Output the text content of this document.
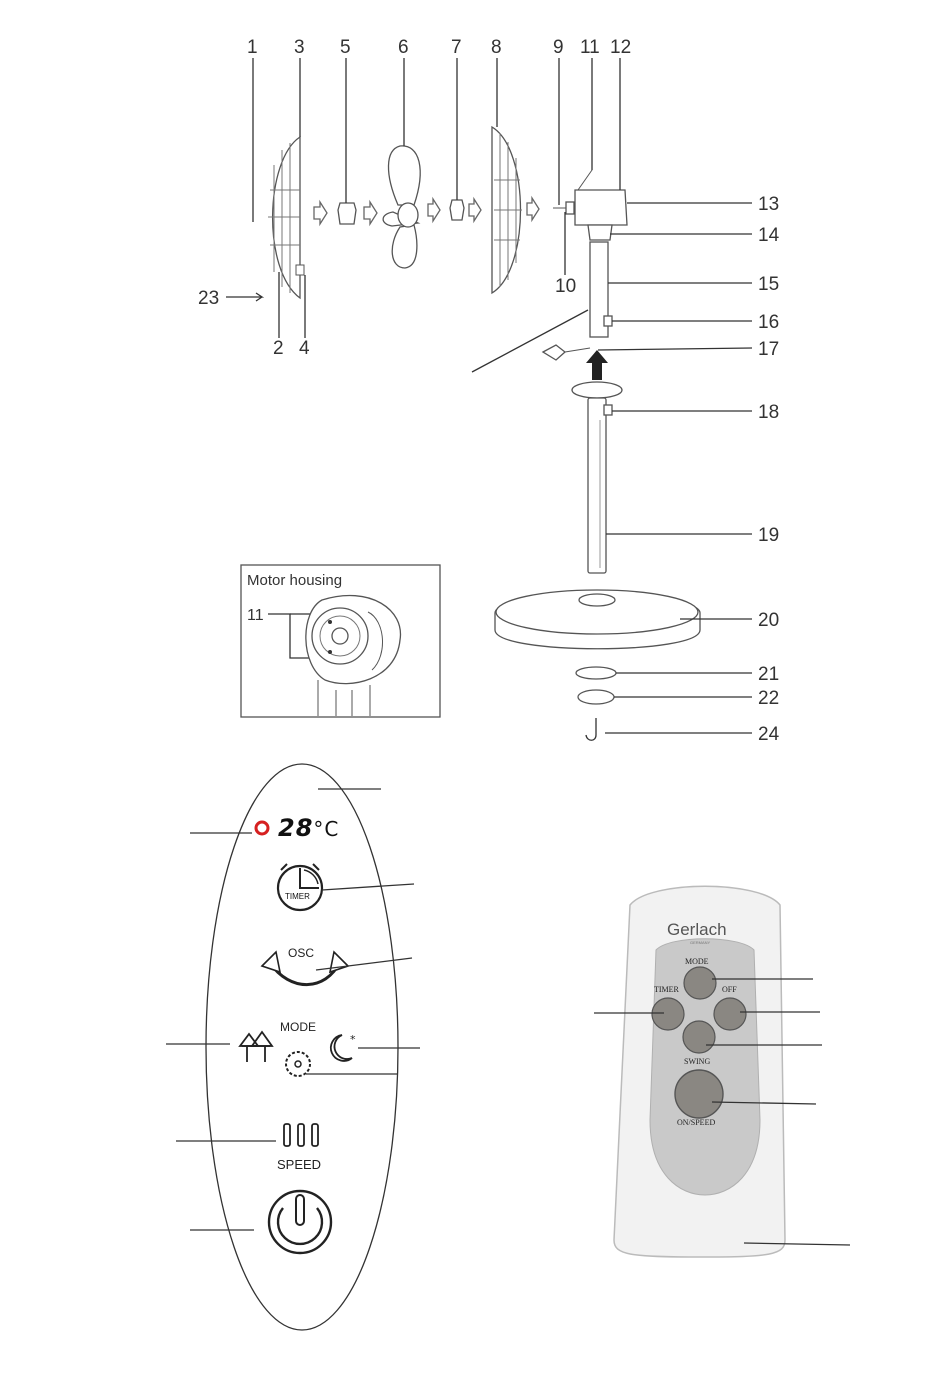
1 3 5 6 7 8	9 11 12
13
14
10	15
16
17
18
19
20
21
22
24
23
2 4
Motor housing
11
*
28°C
TIMER
OSC
MODE
SPEED
Gerlach
GERMANY
MODE
TIMER	OFF
SWING
ON/SPEED
